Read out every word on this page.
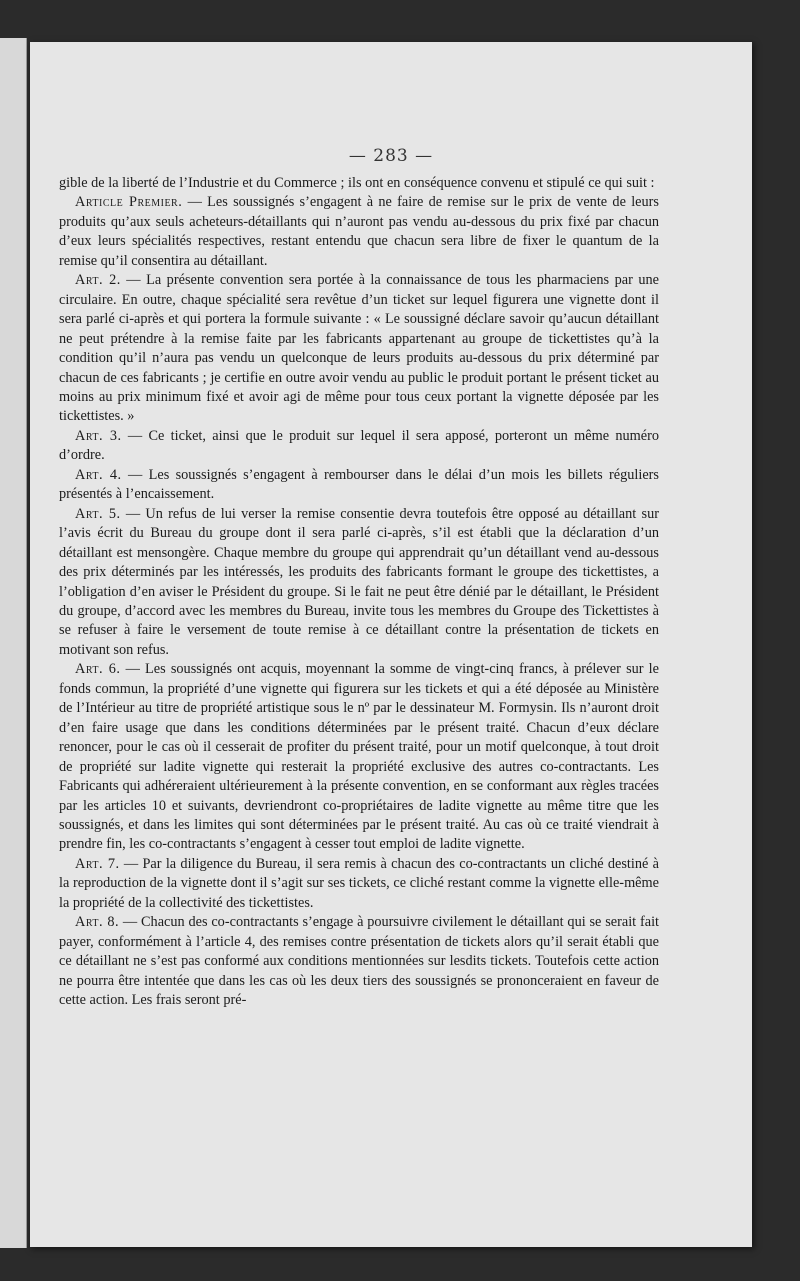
— 283 —

gible de la liberté de l’Industrie et du Commerce ; ils ont en conséquence convenu et stipulé ce qui suit :

Article Premier. — Les soussignés s’engagent à ne faire de remise sur le prix de vente de leurs produits qu’aux seuls acheteurs-détaillants qui n’auront pas vendu au-dessous du prix fixé par chacun d’eux leurs spécialités respectives, restant entendu que chacun sera libre de fixer le quantum de la remise qu’il consentira au détaillant.

Art. 2. — La présente convention sera portée à la connaissance de tous les pharmaciens par une circulaire. En outre, chaque spécialité sera revêtue d’un ticket sur lequel figurera une vignette dont il sera parlé ci-après et qui portera la formule suivante : « Le soussigné déclare savoir qu’aucun détaillant ne peut prétendre à la remise faite par les fabricants appartenant au groupe de tickettistes qu’à la condition qu’il n’aura pas vendu un quelconque de leurs produits au-dessous du prix déterminé par chacun de ces fabricants ; je certifie en outre avoir vendu au public le produit portant le présent ticket au moins au prix minimum fixé et avoir agi de même pour tous ceux portant la vignette déposée par les tickettistes. »

Art. 3. — Ce ticket, ainsi que le produit sur lequel il sera apposé, porteront un même numéro d’ordre.

Art. 4. — Les soussignés s’engagent à rembourser dans le délai d’un mois les billets réguliers présentés à l’encaissement.

Art. 5. — Un refus de lui verser la remise consentie devra toutefois être opposé au détaillant sur l’avis écrit du Bureau du groupe dont il sera parlé ci-après, s’il est établi que la déclaration d’un détaillant est mensongère. Chaque membre du groupe qui apprendrait qu’un détaillant vend au-dessous des prix déterminés par les intéressés, les produits des fabricants formant le groupe des tickettistes, a l’obligation d’en aviser le Président du groupe. Si le fait ne peut être dénié par le détaillant, le Président du groupe, d’accord avec les membres du Bureau, invite tous les membres du Groupe des Tickettistes à se refuser à faire le versement de toute remise à ce détaillant contre la présentation de tickets en motivant son refus.

Art. 6. — Les soussignés ont acquis, moyennant la somme de vingt-cinq francs, à prélever sur le fonds commun, la propriété d’une vignette qui figurera sur les tickets et qui a été déposée au Ministère de l’Intérieur au titre de propriété artistique sous le nº par le dessinateur M. Formysin. Ils n’auront droit d’en faire usage que dans les conditions déterminées par le présent traité. Chacun d’eux déclare renoncer, pour le cas où il cesserait de profiter du présent traité, pour un motif quelconque, à tout droit de propriété sur ladite vignette qui resterait la propriété exclusive des autres co-contractants. Les Fabricants qui adhéreraient ultérieurement à la présente convention, en se conformant aux règles tracées par les articles 10 et suivants, devriendront co-propriétaires de ladite vignette au même titre que les soussignés, et dans les limites qui sont déterminées par le présent traité. Au cas où ce traité viendrait à prendre fin, les co-contractants s’engagent à cesser tout emploi de ladite vignette.

Art. 7. — Par la diligence du Bureau, il sera remis à chacun des co-contractants un cliché destiné à la reproduction de la vignette dont il s’agit sur ses tickets, ce cliché restant comme la vignette elle-même la propriété de la collectivité des tickettistes.

Art. 8. — Chacun des co-contractants s’engage à poursuivre civilement le détaillant qui se serait fait payer, conformément à l’article 4, des remises contre présentation de tickets alors qu’il serait établi que ce détaillant ne s’est pas conformé aux conditions mentionnées sur lesdits tickets. Toutefois cette action ne pourra être intentée que dans les cas où les deux tiers des soussignés se prononceraient en faveur de cette action. Les frais seront pré-
